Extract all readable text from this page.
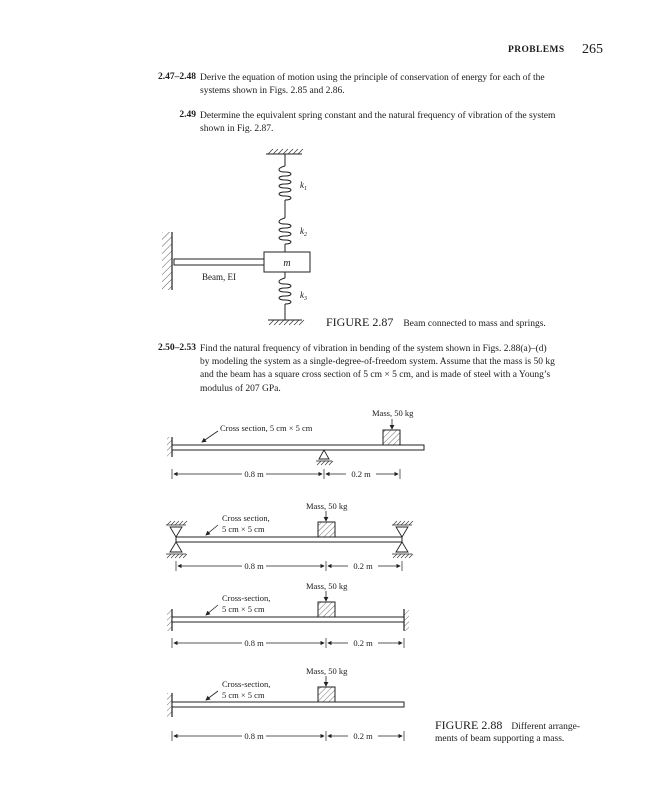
PROBLEMS 265
2.47–2.48 Derive the equation of motion using the principle of conservation of energy for each of the
systems shown in Figs. 2.85 and 2.86.
2.49 Determine the equivalent spring constant and the natural frequency of vibration of the system
shown in Fig. 2.87.
m
$k_1$
$k_2$
$k_3$
Beam, EI
FIGURE 2.87 Beam connected to mass and springs.
2.50–2.53 Find the natural frequency of vibration in bending of the system shown in Figs. 2.88(a)–(d)
by modeling the system as a single-degree-of-freedom system. Assume that the mass is 50 kg
and the beam has a square cross section of 5 cm × 5 cm, and is made of steel with a Young’s
modulus of 207 GPa.
Mass, 50 kg
Cross section, 5 cm × 5 cm
0.8 m	0.2 m
Mass, 50 kg
Cross section, 5 cm × 5 cm
0.8 m	0.2 m
Mass, 50 kg
Cross-section, 5 cm × 5 cm
0.8 m	0.2 m
Mass, 50 kg
Cross-section, 5 cm × 5 cm
0.8 m	0.2 m
FIGURE 2.88 Different arrange-
ments of beam supporting a mass.
